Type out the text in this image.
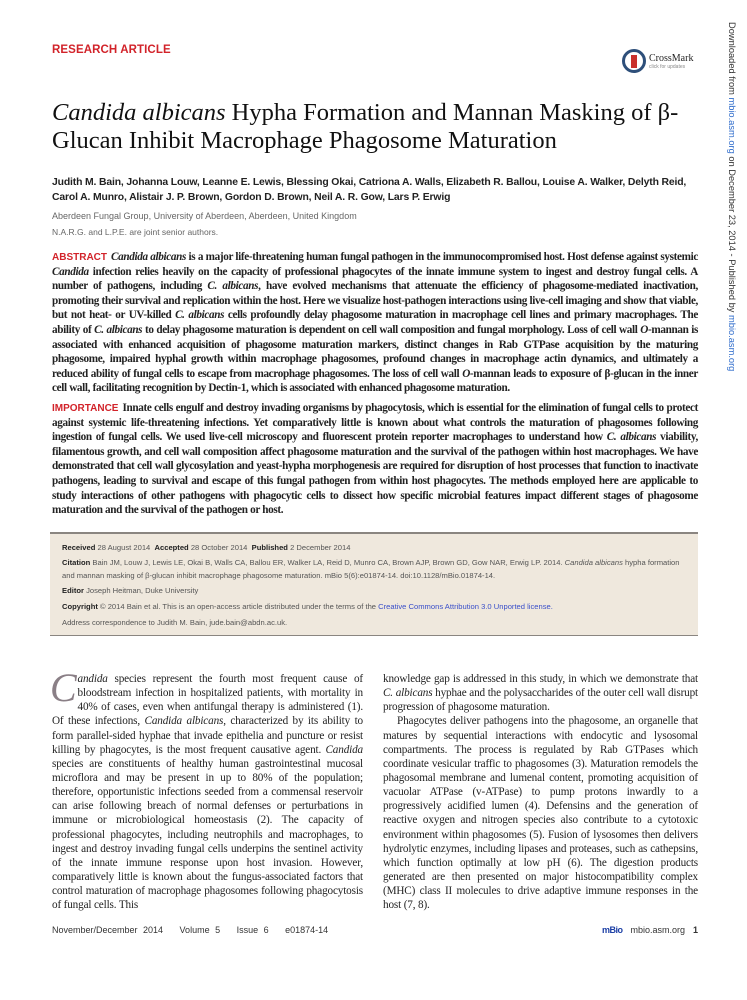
RESEARCH ARTICLE
CrossMark
click for updates
Candida albicans Hypha Formation and Mannan Masking of β-Glucan Inhibit Macrophage Phagosome Maturation
Judith M. Bain, Johanna Louw, Leanne E. Lewis, Blessing Okai, Catriona A. Walls, Elizabeth R. Ballou, Louise A. Walker, Delyth Reid, Carol A. Munro, Alistair J. P. Brown, Gordon D. Brown, Neil A. R. Gow, Lars P. Erwig
Aberdeen Fungal Group, University of Aberdeen, Aberdeen, United Kingdom
N.A.R.G. and L.P.E. are joint senior authors.
ABSTRACT Candida albicans is a major life-threatening human fungal pathogen in the immunocompromised host. Host defense against systemic Candida infection relies heavily on the capacity of professional phagocytes of the innate immune system to ingest and destroy fungal cells. A number of pathogens, including C. albicans, have evolved mechanisms that attenuate the efficiency of phagosome-mediated inactivation, promoting their survival and replication within the host. Here we visualize host-pathogen interactions using live-cell imaging and show that viable, but not heat- or UV-killed C. albicans cells profoundly delay phagosome maturation in macrophage cell lines and primary macrophages. The ability of C. albicans to delay phagosome maturation is dependent on cell wall composition and fungal morphology. Loss of cell wall O-mannan is associated with enhanced acquisition of phagosome maturation markers, distinct changes in Rab GTPase acquisition by the maturing phagosome, impaired hyphal growth within macrophage phagosomes, profound changes in macrophage actin dynamics, and ultimately a reduced ability of fungal cells to escape from macrophage phagosomes. The loss of cell wall O-mannan leads to exposure of β-glucan in the inner cell wall, facilitating recognition by Dectin-1, which is associated with enhanced phagosome maturation.
IMPORTANCE Innate cells engulf and destroy invading organisms by phagocytosis, which is essential for the elimination of fungal cells to protect against systemic life-threatening infections. Yet comparatively little is known about what controls the maturation of phagosomes following ingestion of fungal cells. We used live-cell microscopy and fluorescent protein reporter macrophages to understand how C. albicans viability, filamentous growth, and cell wall composition affect phagosome maturation and the survival of the pathogen within host macrophages. We have demonstrated that cell wall glycosylation and yeast-hypha morphogenesis are required for disruption of host processes that function to inactivate pathogens, leading to survival and escape of this fungal pathogen from within host phagocytes. The methods employed here are applicable to study interactions of other pathogens with phagocytic cells to dissect how specific microbial features impact different stages of phagosome maturation and the survival of the pathogen or host.
Received 28 August 2014 Accepted 28 October 2014 Published 2 December 2014
Citation Bain JM, Louw J, Lewis LE, Okai B, Walls CA, Ballou ER, Walker LA, Reid D, Munro CA, Brown AJP, Brown GD, Gow NAR, Erwig LP. 2014. Candida albicans hypha formation and mannan masking of β-glucan inhibit macrophage phagosome maturation. mBio 5(6):e01874-14. doi:10.1128/mBio.01874-14.
Editor Joseph Heitman, Duke University
Copyright © 2014 Bain et al. This is an open-access article distributed under the terms of the Creative Commons Attribution 3.0 Unported license.
Address correspondence to Judith M. Bain, jude.bain@abdn.ac.uk.

Candida species represent the fourth most frequent cause of bloodstream infection in hospitalized patients, with mortality in 40% of cases, even when antifungal therapy is administered (1). Of these infections, Candida albicans, characterized by its ability to form parallel-sided hyphae that invade epithelia and puncture or resist killing by phagocytes, is the most frequent causative agent. Candida species are constituents of healthy human gastrointestinal mucosal microflora and may be present in up to 80% of the population; therefore, opportunistic infections seeded from a commensal reservoir can arise following breach of normal defenses or perturbations in immune or microbiological homeostasis (2). The capacity of professional phagocytes, including neutrophils and macrophages, to ingest and destroy invading fungal cells underpins the sentinel activity of the innate immune response upon host invasion. However, comparatively little is known about the fungus-associated factors that control maturation of macrophage phagosomes following phagocytosis of fungal cells. This

knowledge gap is addressed in this study, in which we demonstrate that C. albicans hyphae and the polysaccharides of the outer cell wall disrupt progression of phagosome maturation.

Phagocytes deliver pathogens into the phagosome, an organelle that matures by sequential interactions with endocytic and lysosomal compartments. The process is regulated by Rab GTPases which coordinate vesicular traffic to phagosomes (3). Maturation remodels the phagosomal membrane and lumenal content, promoting acquisition of vacuolar ATPase (v-ATPase) to pump protons inwardly to a progressively acidified lumen (4). Defensins and the generation of reactive oxygen and nitrogen species also contribute to a cytotoxic environment within phagosomes (5). Fusion of lysosomes then delivers hydrolytic enzymes, including lipases and proteases, such as cathepsins, which function optimally at low pH (6). The digestion products generated are then presented on major histocompatibility complex (MHC) class II molecules to drive adaptive immune responses in the host (7, 8).

November/December 2014   Volume 5   Issue 6   e01874-14	mBio mbio.asm.org 1
Downloaded from mbio.asm.org on December 23, 2014 - Published by mbio.asm.org
